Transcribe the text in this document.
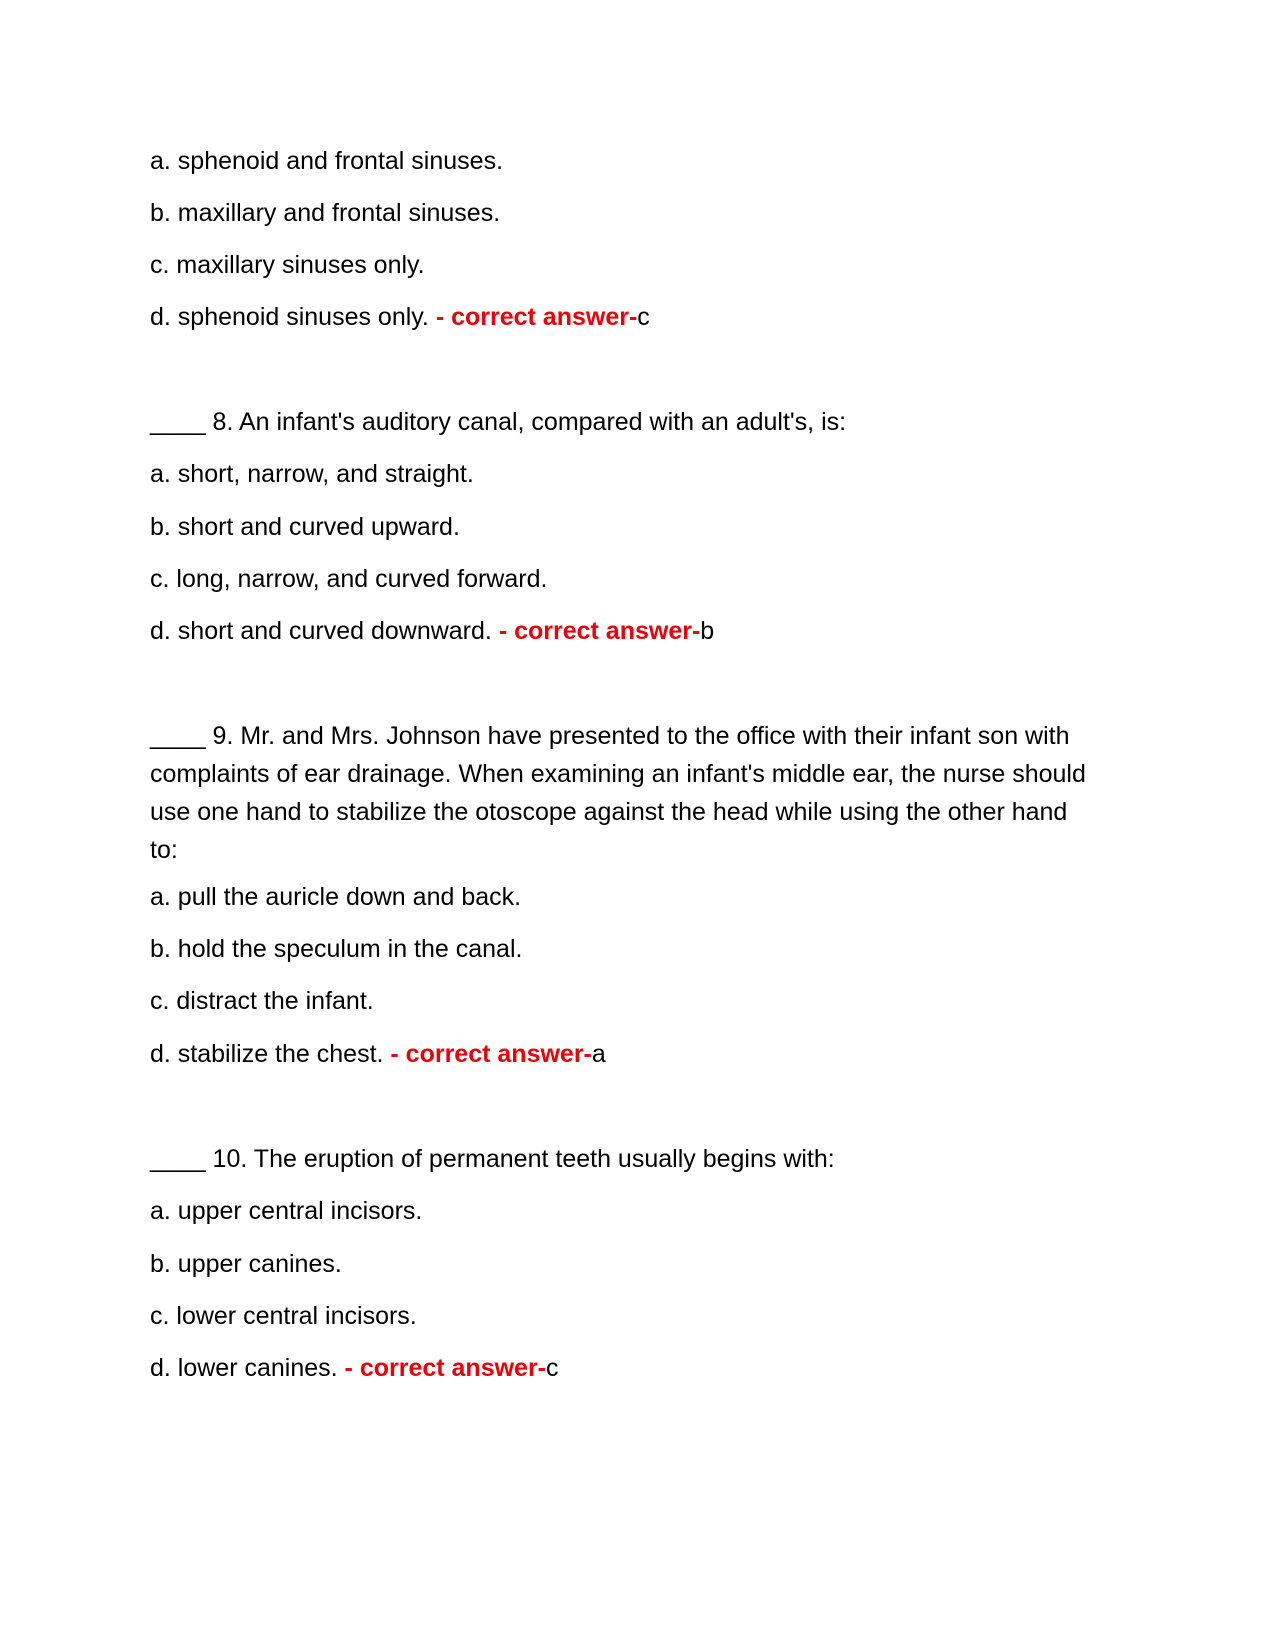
a. sphenoid and frontal sinuses.
b. maxillary and frontal sinuses.
c. maxillary sinuses only.
d. sphenoid sinuses only. - correct answer-c
____ 8. An infant's auditory canal, compared with an adult's, is:
a. short, narrow, and straight.
b. short and curved upward.
c. long, narrow, and curved forward.
d. short and curved downward. - correct answer-b
____ 9. Mr. and Mrs. Johnson have presented to the office with their infant son with complaints of ear drainage. When examining an infant's middle ear, the nurse should use one hand to stabilize the otoscope against the head while using the other hand to:
a. pull the auricle down and back.
b. hold the speculum in the canal.
c. distract the infant.
d. stabilize the chest. - correct answer-a
____ 10. The eruption of permanent teeth usually begins with:
a. upper central incisors.
b. upper canines.
c. lower central incisors.
d. lower canines. - correct answer-c
